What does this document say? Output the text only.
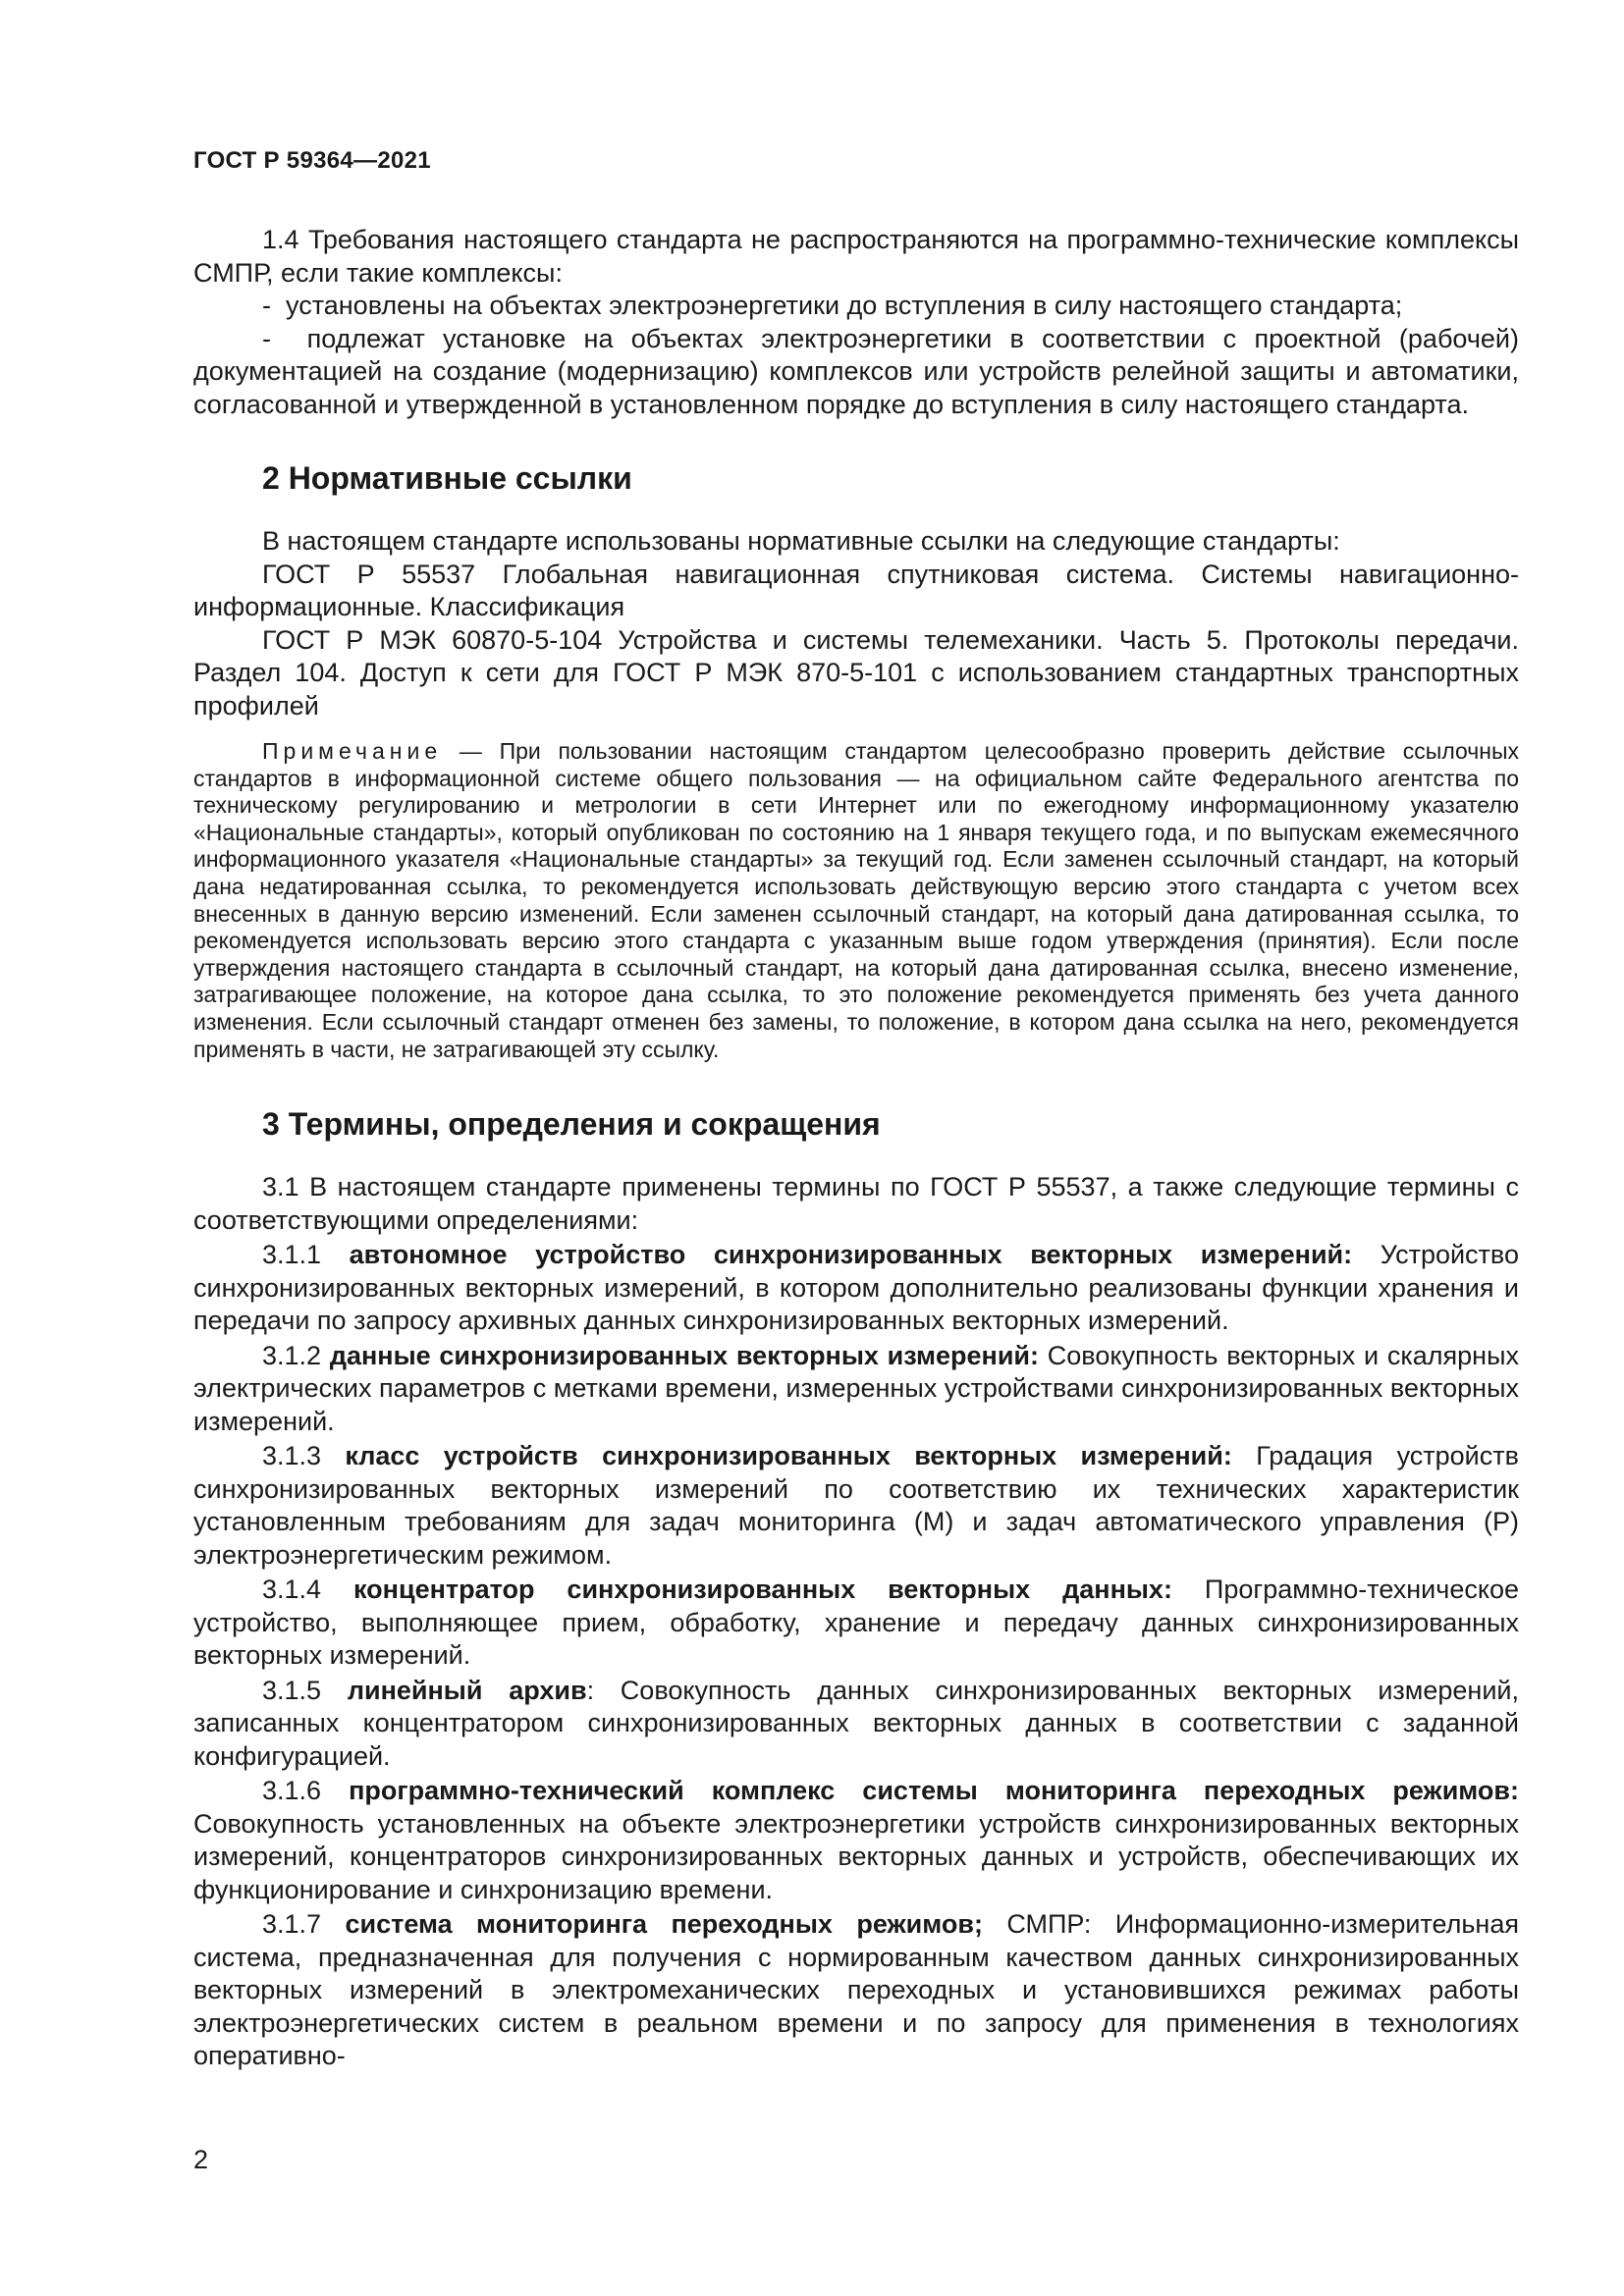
ГОСТ Р 59364—2021

1.4 Требования настоящего стандарта не распространяются на программно-технические комплексы СМПР, если такие комплексы:

-  установлены на объектах электроэнергетики до вступления в силу настоящего стандарта;

-  подлежат установке на объектах электроэнергетики в соответствии с проектной (рабочей) документацией на создание (модернизацию) комплексов или устройств релейной защиты и автоматики, согласованной и утвержденной в установленном порядке до вступления в силу настоящего стандарта.

2 Нормативные ссылки

В настоящем стандарте использованы нормативные ссылки на следующие стандарты:

ГОСТ Р 55537 Глобальная навигационная спутниковая система. Системы навигационно-информационные. Классификация

ГОСТ Р МЭК 60870-5-104 Устройства и системы телемеханики. Часть 5. Протоколы передачи. Раздел 104. Доступ к сети для ГОСТ Р МЭК 870-5-101 с использованием стандартных транспортных профилей

Примечание — При пользовании настоящим стандартом целесообразно проверить действие ссылочных стандартов в информационной системе общего пользования — на официальном сайте Федерального агентства по техническому регулированию и метрологии в сети Интернет или по ежегодному информационному указателю «Национальные стандарты», который опубликован по состоянию на 1 января текущего года, и по выпускам ежемесячного информационного указателя «Национальные стандарты» за текущий год. Если заменен ссылочный стандарт, на который дана недатированная ссылка, то рекомендуется использовать действующую версию этого стандарта с учетом всех внесенных в данную версию изменений. Если заменен ссылочный стандарт, на который дана датированная ссылка, то рекомендуется использовать версию этого стандарта с указанным выше годом утверждения (принятия). Если после утверждения настоящего стандарта в ссылочный стандарт, на который дана датированная ссылка, внесено изменение, затрагивающее положение, на которое дана ссылка, то это положение рекомендуется применять без учета данного изменения. Если ссылочный стандарт отменен без замены, то положение, в котором дана ссылка на него, рекомендуется применять в части, не затрагивающей эту ссылку.

3 Термины, определения и сокращения

3.1 В настоящем стандарте применены термины по ГОСТ Р 55537, а также следующие термины с соответствующими определениями:

3.1.1 автономное устройство синхронизированных векторных измерений: Устройство синхронизированных векторных измерений, в котором дополнительно реализованы функции хранения и передачи по запросу архивных данных синхронизированных векторных измерений.

3.1.2 данные синхронизированных векторных измерений: Совокупность векторных и скалярных электрических параметров с метками времени, измеренных устройствами синхронизированных векторных измерений.

3.1.3 класс устройств синхронизированных векторных измерений: Градация устройств синхронизированных векторных измерений по соответствию их технических характеристик установленным требованиям для задач мониторинга (М) и задач автоматического управления (Р) электроэнергетическим режимом.

3.1.4 концентратор синхронизированных векторных данных: Программно-техническое устройство, выполняющее прием, обработку, хранение и передачу данных синхронизированных векторных измерений.

3.1.5 линейный архив: Совокупность данных синхронизированных векторных измерений, записанных концентратором синхронизированных векторных данных в соответствии с заданной конфигурацией.

3.1.6 программно-технический комплекс системы мониторинга переходных режимов: Совокупность установленных на объекте электроэнергетики устройств синхронизированных векторных измерений, концентраторов синхронизированных векторных данных и устройств, обеспечивающих их функционирование и синхронизацию времени.

3.1.7 система мониторинга переходных режимов; СМПР: Информационно-измерительная система, предназначенная для получения с нормированным качеством данных синхронизированных векторных измерений в электромеханических переходных и установившихся режимах работы электроэнергетических систем в реальном времени и по запросу для применения в технологиях оперативно-

2
